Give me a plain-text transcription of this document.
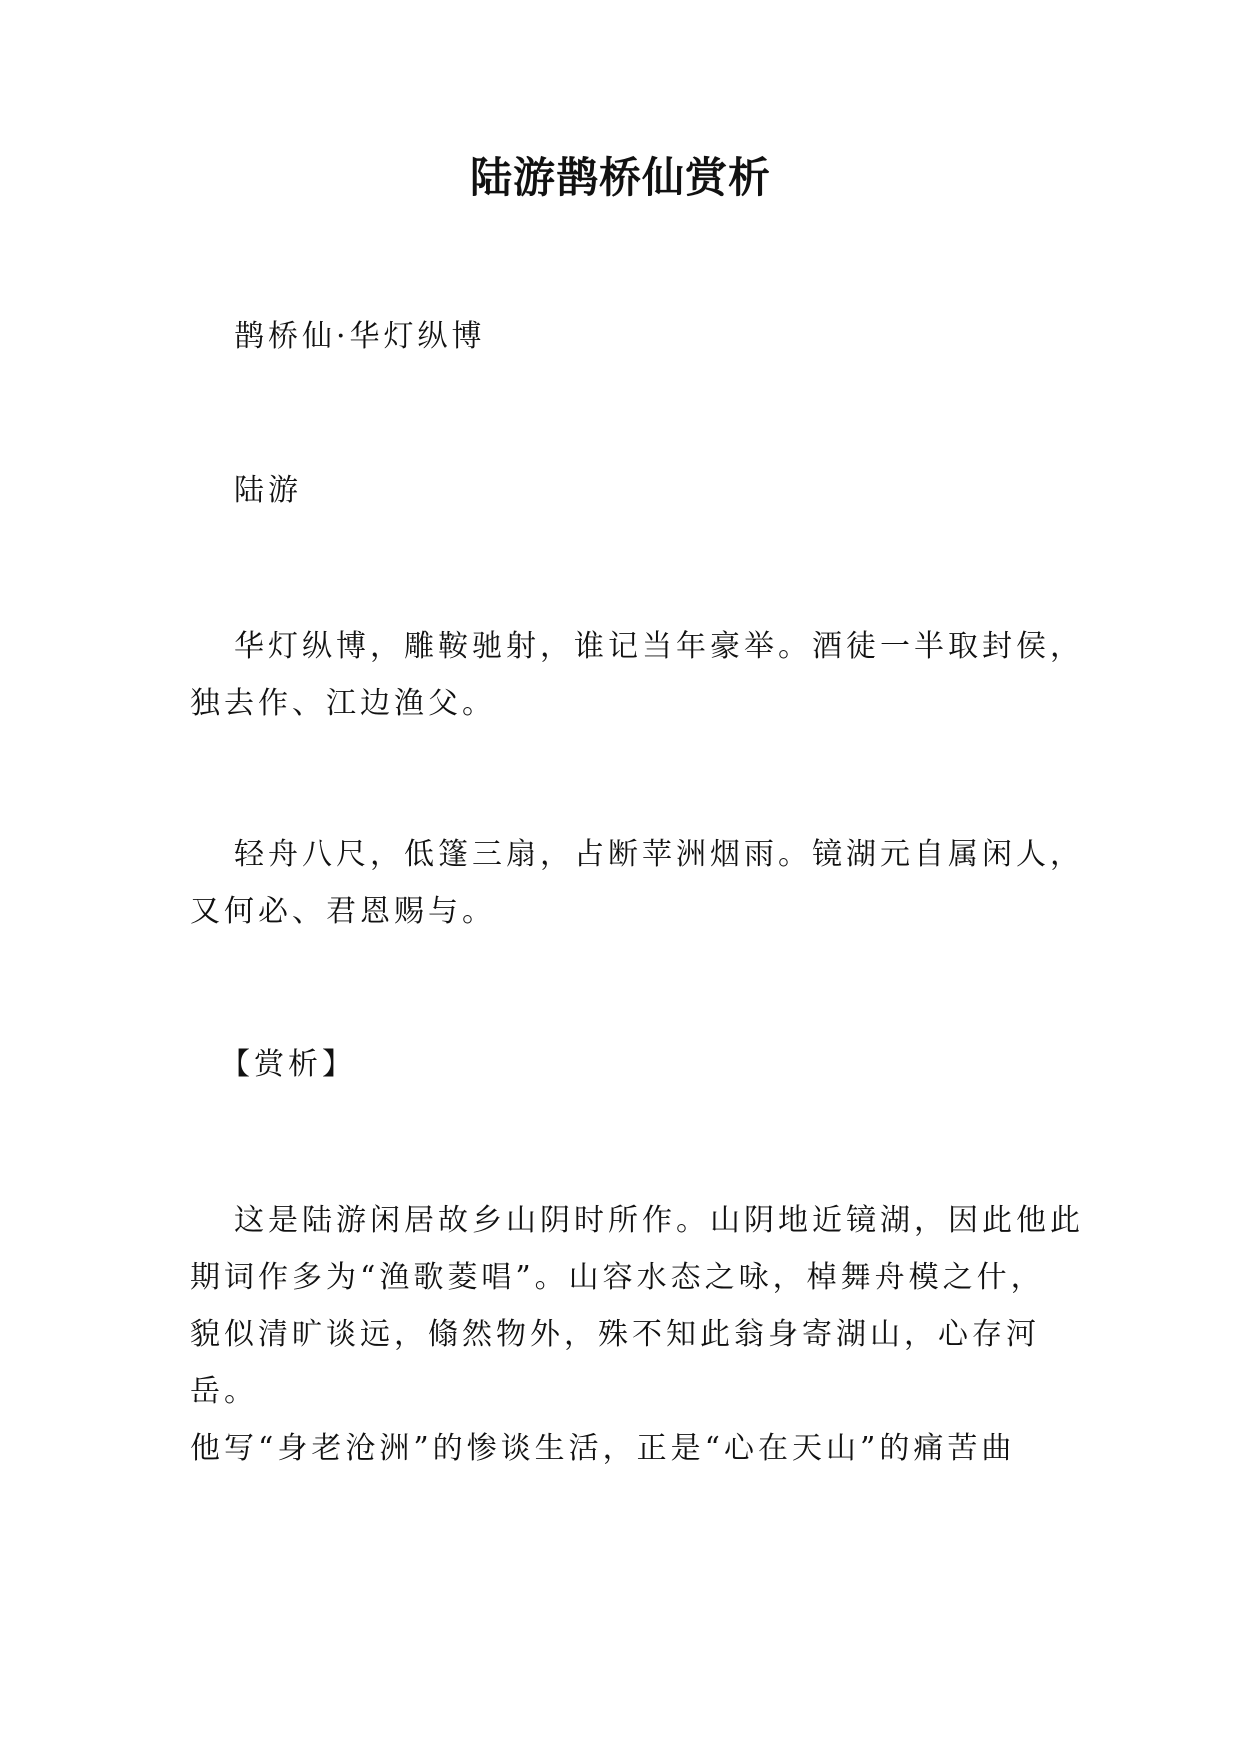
陆游鹊桥仙赏析
鹊桥仙·华灯纵博
陆游
华灯纵博，雕鞍驰射，谁记当年豪举。酒徒一半取封侯，
独去作、江边渔父。
轻舟八尺，低篷三扇，占断苹洲烟雨。镜湖元自属闲人，
又何必、君恩赐与。
【赏析】
这是陆游闲居故乡山阴时所作。山阴地近镜湖，因此他此
期词作多为“渔歌菱唱”。山容水态之咏，棹舞舟模之什，
貌似清旷谈远，翛然物外，殊不知此翁身寄湖山，心存河岳。
他写“身老沧洲”的惨谈生活，正是“心在天山”的痛苦曲
